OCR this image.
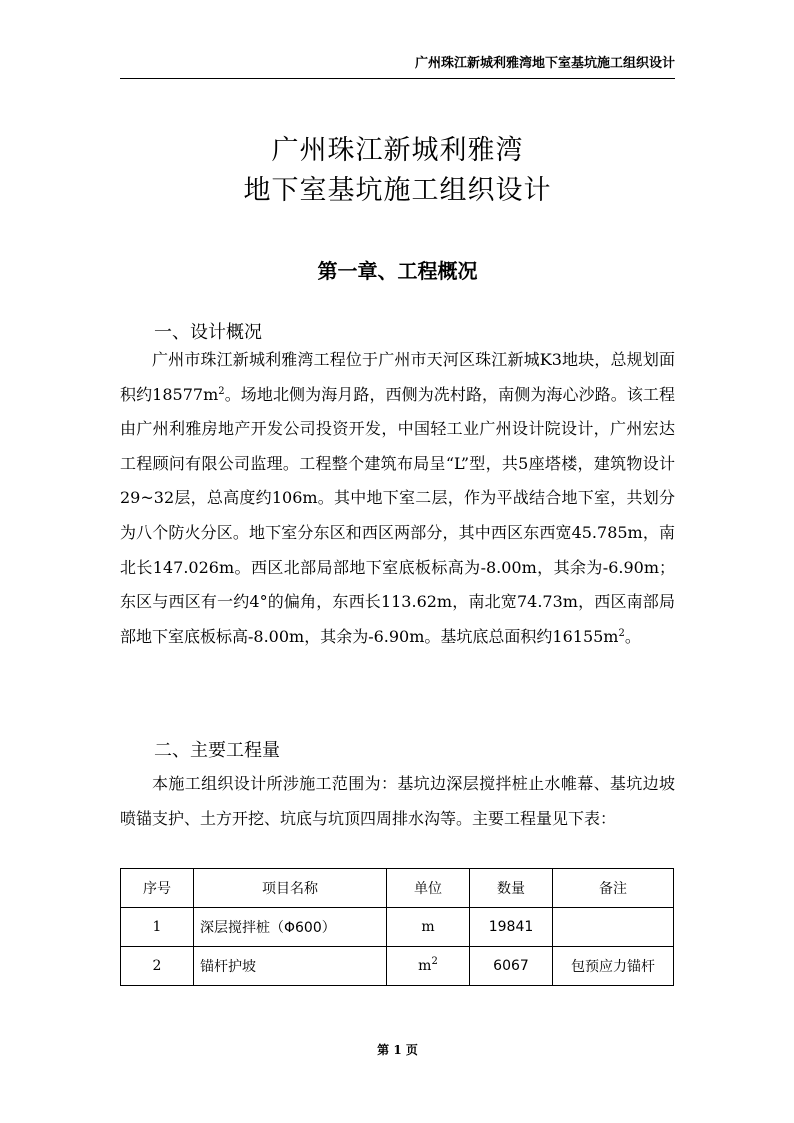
广州珠江新城利雅湾地下室基坑施工组织设计
广州珠江新城利雅湾
地下室基坑施工组织设计
第一章、工程概况
一、设计概况

广州市珠江新城利雅湾工程位于广州市天河区珠江新城K3地块，总规划面积约$18577m^2$。场地北侧为海月路，西侧为冼村路，南侧为海心沙路。该工程由广州利雅房地产开发公司投资开发，中国轻工业广州设计院设计，广州宏达工程顾问有限公司监理。工程整个建筑布局呈“L”型，共5座塔楼，建筑物设计29~32层，总高度约106m。其中地下室二层，作为平战结合地下室，共划分为八个防火分区。地下室分东区和西区两部分，其中西区东西宽45.785m，南北长147.026m。西区北部局部地下室底板标高为-8.00m，其余为-6.90m；东区与西区有一约4°的偏角，东西长113.62m，南北宽74.73m，西区南部局部地下室底板标高-8.00m，其余为-6.90m。基坑底总面积约$16155m^2$。

二、主要工程量

本施工组织设计所涉施工范围为：基坑边深层搅拌桩止水帷幕、基坑边坡喷锚支护、土方开挖、坑底与坑顶四周排水沟等。主要工程量见下表：

序号	项目名称	单位	数量	备注
1	深层搅拌桩（Φ600）	m	19841	
2	锚杆护坡	$m^2$	6067	包预应力锚杆
第 1 页
